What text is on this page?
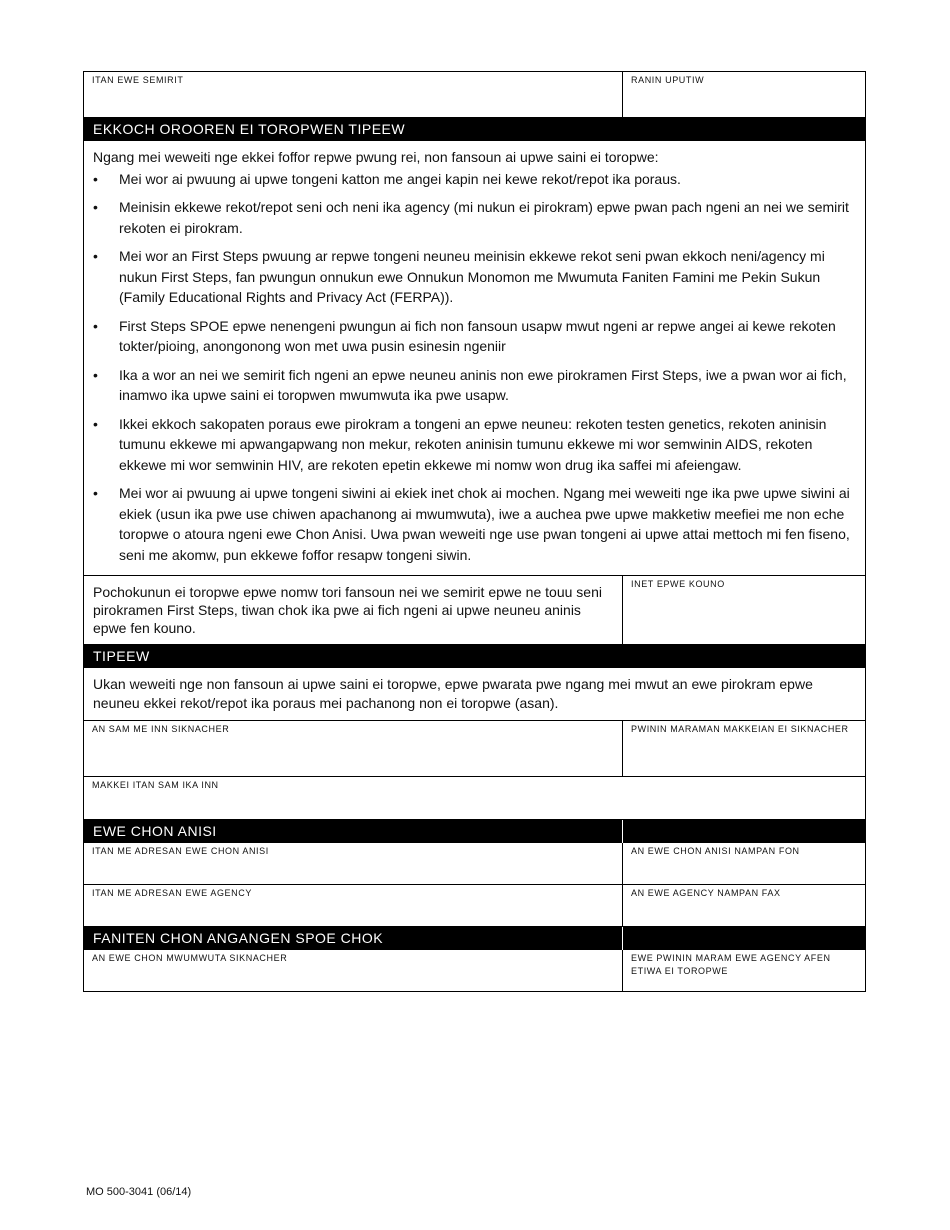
ITAN EWE SEMIRIT	RANIN UPUTIW
EKKOCH OROOREN EI TOROPWEN TIPEEW
Ngang mei weweiti nge ekkei foffor repwe pwung rei, non fansoun ai upwe saini ei toropwe:
• Mei wor ai pwuung ai upwe tongeni katton me angei kapin nei kewe rekot/repot ika poraus.
• Meinisin ekkewe rekot/repot seni och neni ika agency (mi nukun ei pirokram) epwe pwan pach ngeni an nei we semirit rekoten ei pirokram.
• Mei wor an First Steps pwuung ar repwe tongeni neuneu meinisin ekkewe rekot seni pwan ekkoch neni/agency mi nukun First Steps, fan pwungun onnukun ewe Onnukun Monomon me Mwumuta Faniten Famini me Pekin Sukun (Family Educational Rights and Privacy Act (FERPA)).
• First Steps SPOE epwe nenengeni pwungun ai fich non fansoun usapw mwut ngeni ar repwe angei ai kewe rekoten tokter/pioing, anongonong won met uwa pusin esinesin ngeniir
• Ika a wor an nei we semirit fich ngeni an epwe neuneu aninis non ewe pirokramen First Steps, iwe a pwan wor ai fich, inamwo ika upwe saini ei toropwen mwumwuta ika pwe usapw.
• Ikkei ekkoch sakopaten poraus ewe pirokram a tongeni an epwe neuneu: rekoten testen genetics, rekoten aninisin tumunu ekkewe mi apwangapwang non mekur, rekoten aninisin tumunu ekkewe mi wor semwinin AIDS, rekoten ekkewe mi wor semwinin HIV, are rekoten epetin ekkewe mi nomw won drug ika saffei mi afeiengaw.
• Mei wor ai pwuung ai upwe tongeni siwini ai ekiek inet chok ai mochen. Ngang mei weweiti nge ika pwe upwe siwini ai ekiek (usun ika pwe use chiwen apachanong ai mwumwuta), iwe a auchea pwe upwe makketiw meefiei me non eche toropwe o atoura ngeni ewe Chon Anisi. Uwa pwan weweiti nge use pwan tongeni ai upwe attai mettoch mi fen fiseno, seni me akomw, pun ekkewe foffor resapw tongeni siwin.
Pochokunun ei toropwe epwe nomw tori fansoun nei we semirit epwe ne touu seni pirokramen First Steps, tiwan chok ika pwe ai fich ngeni ai upwe neuneu aninis epwe fen kouno.
INET EPWE KOUNO
TIPEEW
Ukan weweiti nge non fansoun ai upwe saini ei toropwe, epwe pwarata pwe ngang mei mwut an ewe pirokram epwe neuneu ekkei rekot/repot ika poraus mei pachanong non ei toropwe (asan).
AN SAM ME INN SIKNACHER	PWININ MARAMAN MAKKEIAN EI SIKNACHER
MAKKEI ITAN SAM IKA INN
EWE CHON ANISI
ITAN ME ADRESAN EWE CHON ANISI	AN EWE CHON ANISI NAMPAN FON
ITAN ME ADRESAN EWE AGENCY	AN EWE AGENCY NAMPAN FAX
FANITEN CHON ANGANGEN SPOE CHOK
AN EWE CHON MWUMWUTA SIKNACHER	EWE PWININ MARAM EWE AGENCY AFEN ETIWA EI TOROPWE
MO 500-3041 (06/14)
